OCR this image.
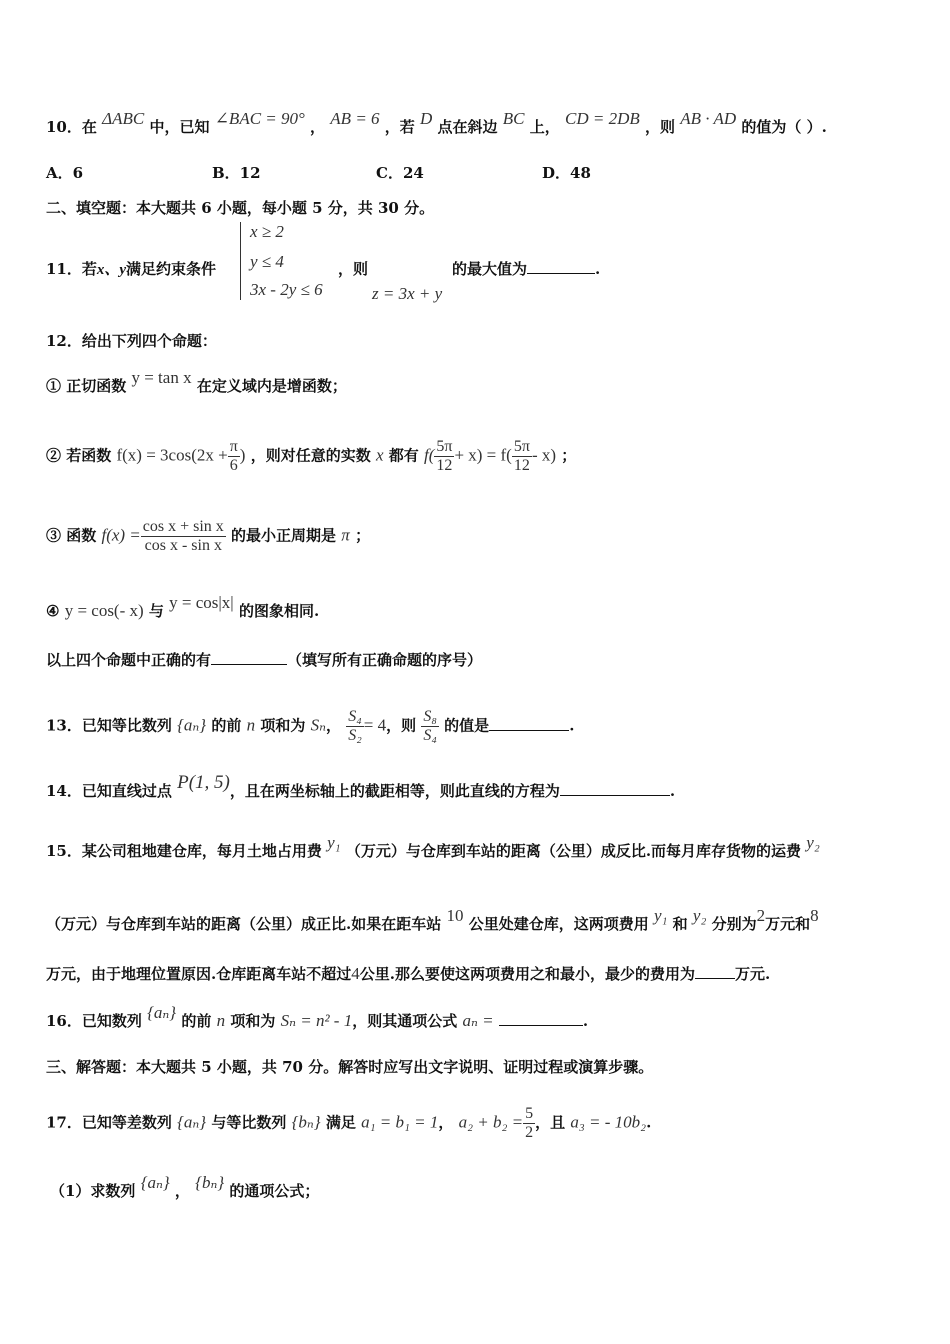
10．在 ΔABC 中，已知 ∠BAC = 90° ， AB = 6 ，若 D 点在斜边 BC 上， CD = 2DB ，则 AB · AD 的值为（ ）.
A．6	B．12	C．24	D．48
二、填空题：本大题共 6 小题，每小题 5 分，共 30 分。
x ≥ 2
y ≤ 4
3x - 2y ≤ 6
11．若x、y满足约束条件	，则
z = 3x + y
的最大值为	.
12．给出下列四个命题：
① 正切函数 y = tan x 在定义域内是增函数；
② 若函数 $f(x) = 3\cos(2x + \frac{\pi}{6}$ ) ，则对任意的实数 x 都有 $f( \frac{5\pi}{12} + x) = f( \frac{5\pi}{12} - x)$ ；
③ 函数 $f(x) = \frac{\text{cos x + sin x}}{\text{cos x - sin x}}$ 的最小正周期是 π ；
④ y = cos(- x) 与 y = cos|x| 的图象相同.
以上四个命题中正确的有	（填写所有正确命题的序号）
13．已知等比数列 {aₙ} 的前 n 项和为 Sₙ， $\frac{\text{S₄}}{\text{S₂}} = 4$，则 $\frac{\text{S₈}}{\text{S₄}}$ 的值是	.
14．已知直线过点 P(1, 5)，且在两坐标轴上的截距相等，则此直线的方程为	.
15．某公司租地建仓库，每月土地占用费 y₁ （万元）与仓库到车站的距离（公里）成反比.而每月库存货物的运费 y₂
（万元）与仓库到车站的距离（公里）成正比.如果在距车站 10 公里处建仓库，这两项费用 y₁ 和 y₂ 分别为2万元和8
万元，由于地理位置原因.仓库距离车站不超过4公里.那么要使这两项费用之和最小，最少的费用为	万元.
16．已知数列 {aₙ} 的前 n 项和为 Sₙ = n² - 1，则其通项公式 aₙ =	.
三、解答题：本大题共 5 小题，共 70 分。解答时应写出文字说明、证明过程或演算步骤。
17．已知等差数列 {aₙ} 与等比数列 {bₙ} 满足 a₁ = b₁ = 1， $a_2 + b_2 = \frac{5}{2}$ ，且 a₃ = - 10b₂.
（1）求数列 {aₙ} ， {bₙ} 的通项公式；
